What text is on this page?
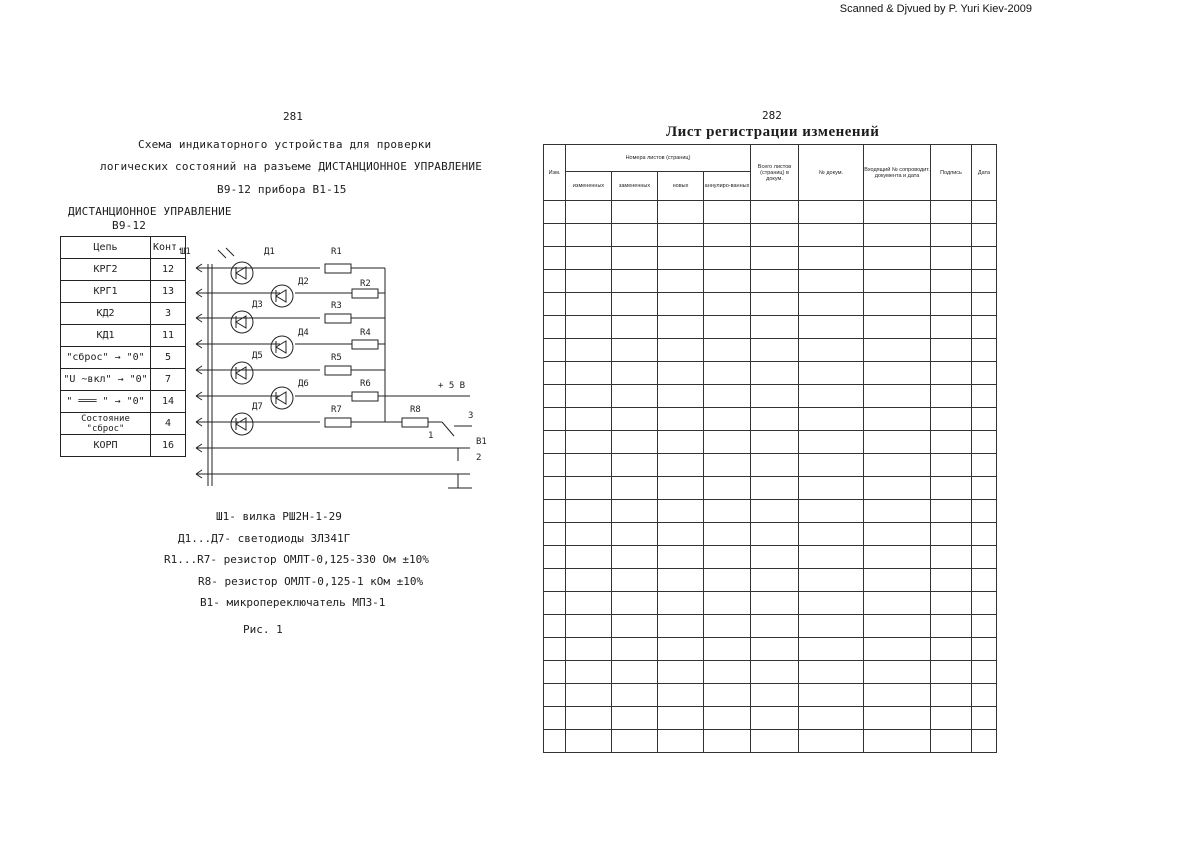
Scanned & Djvued by P. Yuri Kiev-2009
281
Схема индикаторного устройства для проверки
логических состояний на разъеме ДИСТАНЦИОННОЕ УПРАВЛЕНИЕ
В9-12 прибора В1-15
ДИСТАНЦИОННОЕ УПРАВЛЕНИЕ
В9-12
Цепь	Конт.
КРГ2	12
КРГ1	13
КД2	3
КД1	11
"сброс" → "0"	5
"U ~вкл" → "0"	7
" ═══ " → "0"	14
Состояние "сброс"	4
КОРП	16
Ш1	Д1
Д2
Д3
Д4
Д5
Д6
Д7
R1
R2
R3
R4
R5
R6
R7	R8
+ 5 В
В1
1
2
3
Ш1- вилка РШ2Н-1-29
Д1...Д7- светодиоды ЗЛ341Г
R1...R7- резистор ОМЛТ-0,125-330 Ом ±10%
R8- резистор ОМЛТ-0,125-1 кОм ±10%
В1- микропереключатель МП3-1
Рис. 1
282
Лист регистрации изменений
Изм.	Номера листов (страниц)				Всего листов (страниц) в докум.	№ докум.	Входящий № сопроводит. документа и дата	Подпись	Дата
	измененных	замененных	новых	аннулиро-ванных					
